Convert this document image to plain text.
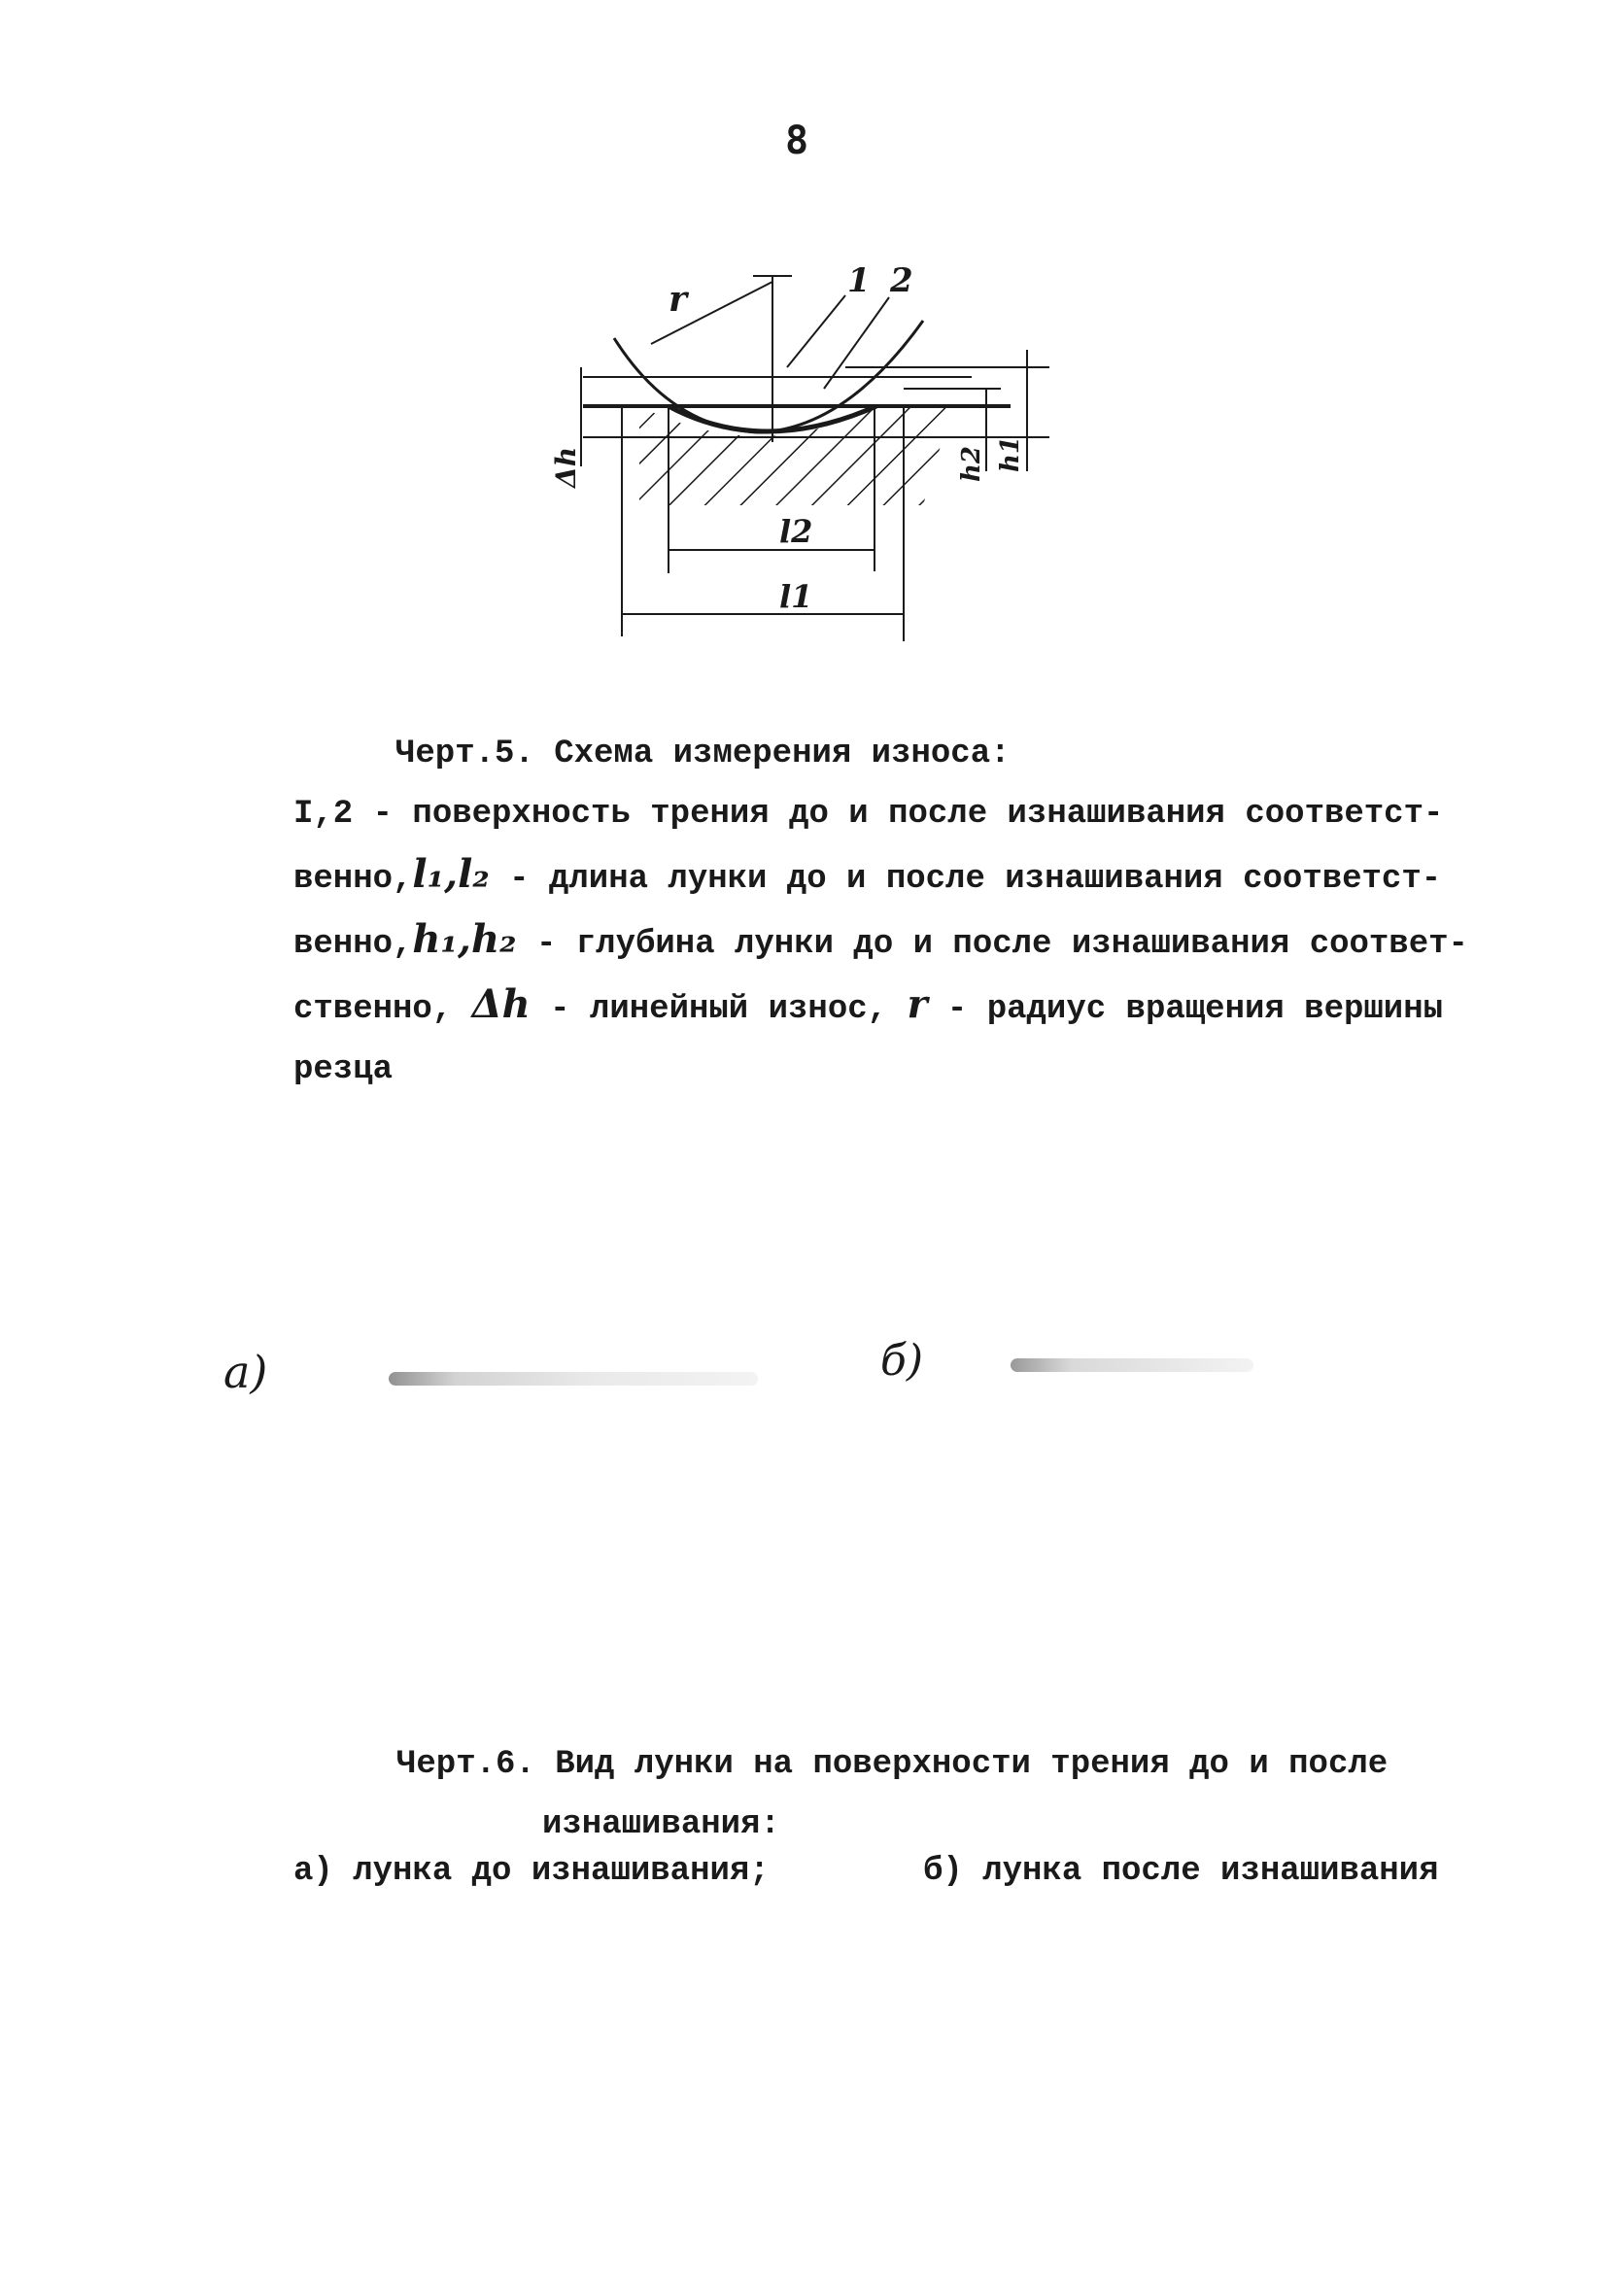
8
r	1 2
Δh	h2 h1
l2
l1
Черт.5. Схема измерения износа:
I,2 - поверхность трения до и после изнашивания соответст-
венно,l₁,l₂ - длина лунки до и после изнашивания соответст-
венно,h₁,h₂ - глубина лунки до и после изнашивания соответ-
ственно, Δh - линейный износ, r - радиус вращения вершины
резца
а)	б)
Черт.6. Вид лунки на поверхности трения до и после
изнашивания:
а) лунка до изнашивания;	б) лунка после изнашивания
